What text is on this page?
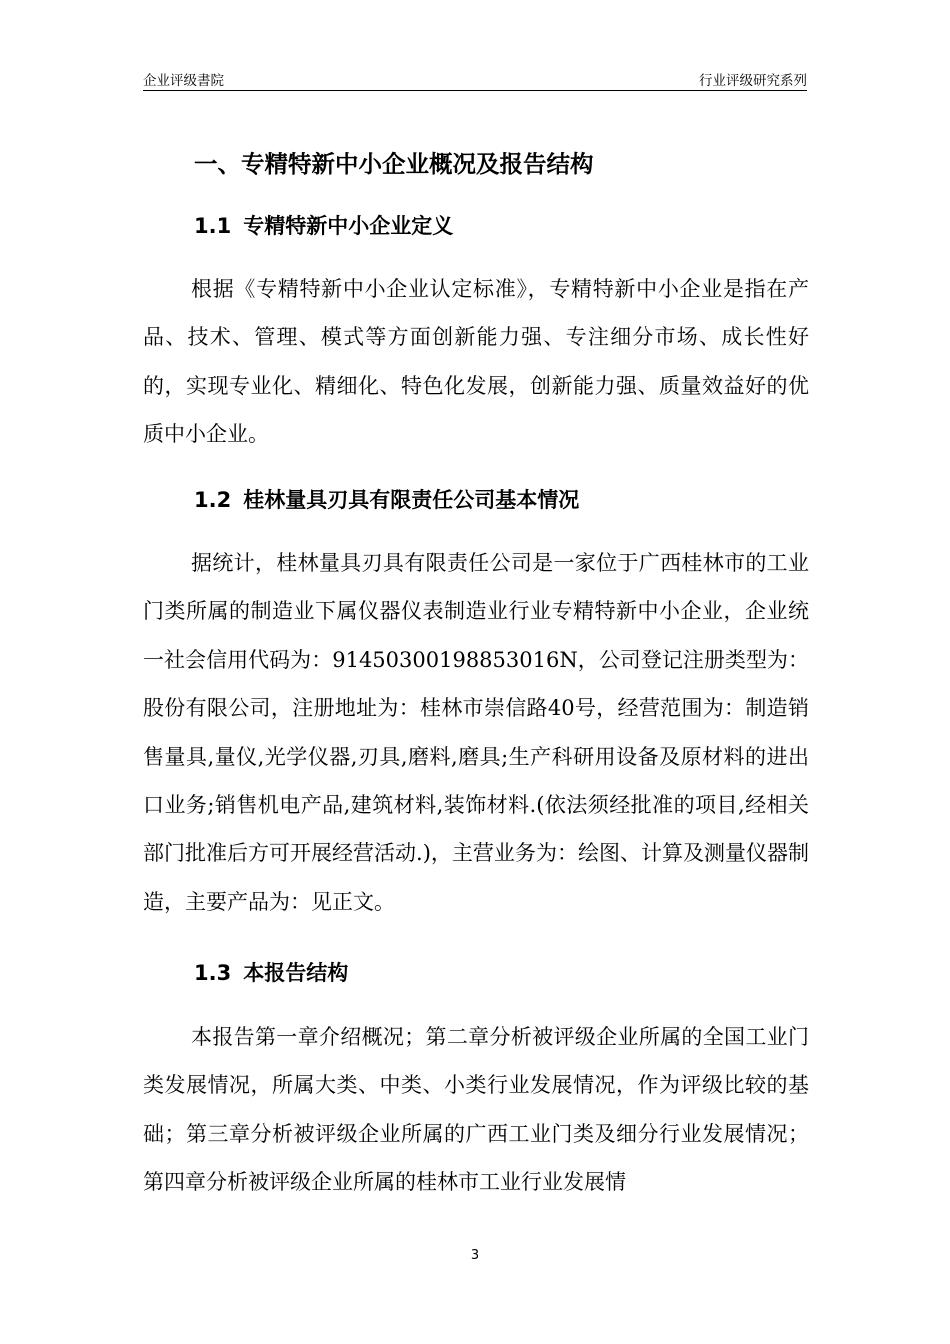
企业评级書院	行业评级研究系列
一、专精特新中小企业概况及报告结构
1.1 专精特新中小企业定义
根据《专精特新中小企业认定标准》，专精特新中小企业是指在产品、技术、管理、模式等方面创新能力强、专注细分市场、成长性好的，实现专业化、精细化、特色化发展，创新能力强、质量效益好的优质中小企业。
1.2 桂林量具刃具有限责任公司基本情况
据统计，桂林量具刃具有限责任公司是一家位于广西桂林市的工业门类所属的制造业下属仪器仪表制造业行业专精特新中小企业，企业统一社会信用代码为：91450300198853016N，公司登记注册类型为：股份有限公司，注册地址为：桂林市崇信路40号，经营范围为：制造销售量具,量仪,光学仪器,刃具,磨料,磨具;生产科研用设备及原材料的进出口业务;销售机电产品,建筑材料,装饰材料.(依法须经批准的项目,经相关部门批准后方可开展经营活动.)，主营业务为：绘图、计算及测量仪器制造，主要产品为：见正文。
1.3 本报告结构
本报告第一章介绍概况；第二章分析被评级企业所属的全国工业门类发展情况，所属大类、中类、小类行业发展情况，作为评级比较的基础；第三章分析被评级企业所属的广西工业门类及细分行业发展情况；第四章分析被评级企业所属的桂林市工业行业发展情
3
